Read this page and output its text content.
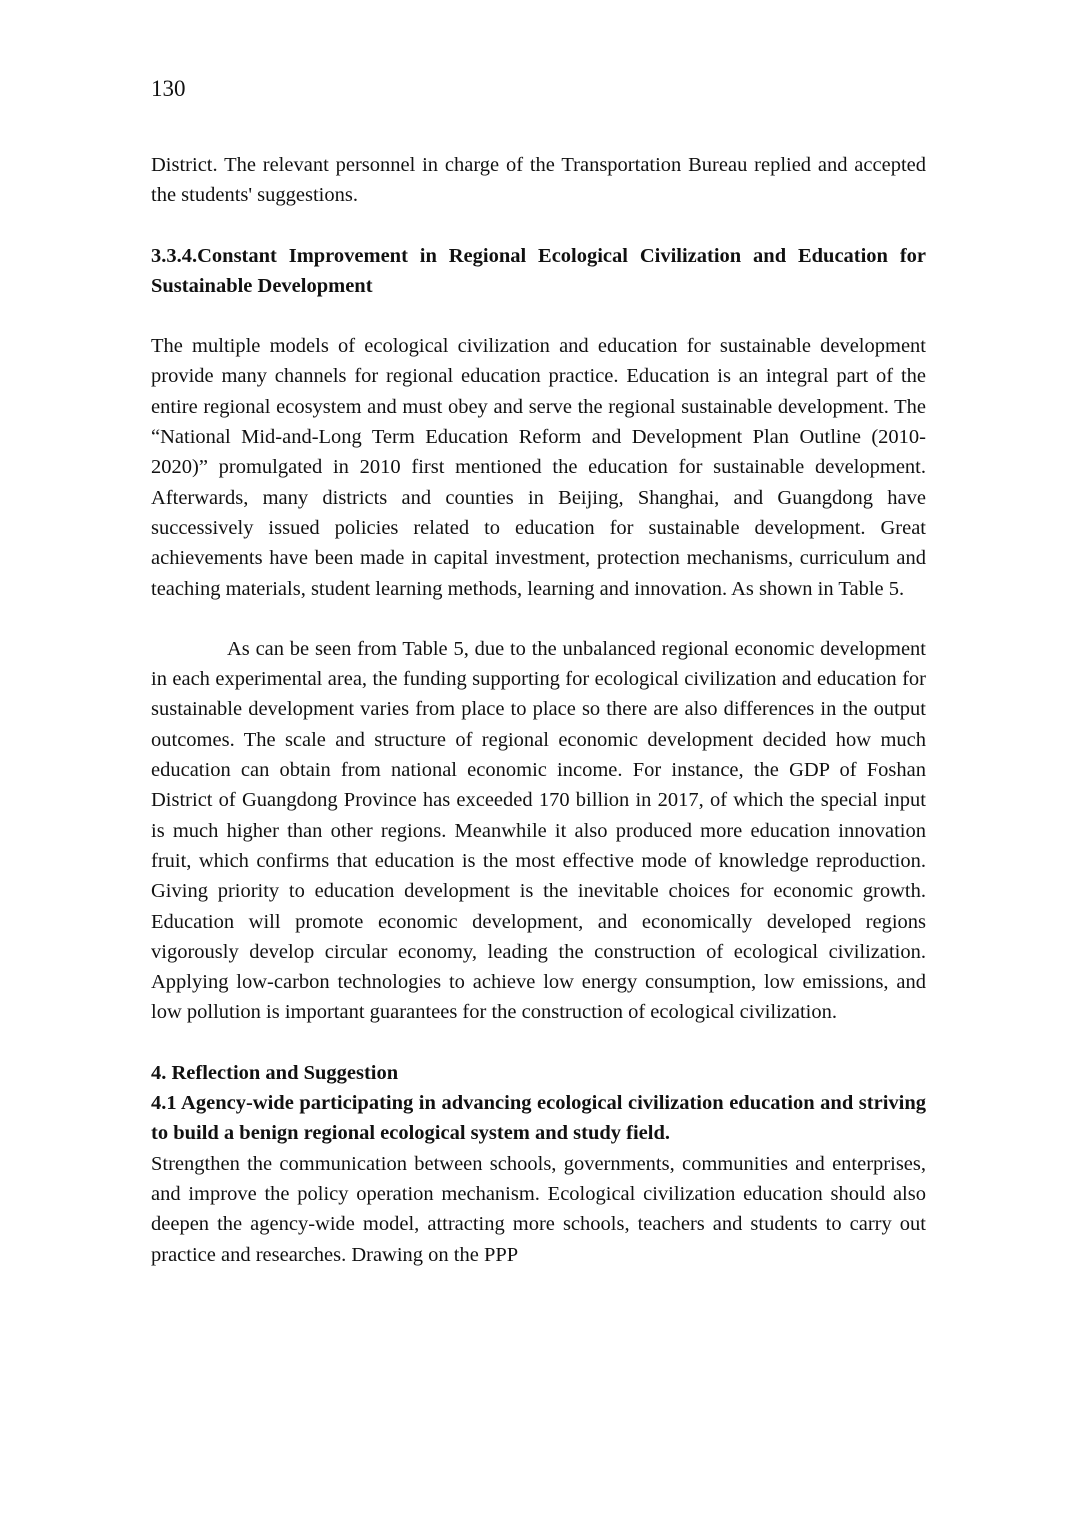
130

District. The relevant personnel in charge of the Transportation Bureau replied and accepted the students' suggestions.

3.3.4.Constant Improvement in Regional Ecological Civilization and Education for Sustainable Development

The multiple models of ecological civilization and education for sustainable development provide many channels for regional education practice. Education is an integral part of the entire regional ecosystem and must obey and serve the regional sustainable development. The “National Mid-and-Long Term Education Reform and Development Plan Outline (2010-2020)” promulgated in 2010 first mentioned the education for sustainable development. Afterwards, many districts and counties in Beijing, Shanghai, and Guangdong have successively issued policies related to education for sustainable development. Great achievements have been made in capital investment, protection mechanisms, curriculum and teaching materials, student learning methods, learning and innovation. As shown in Table 5.

As can be seen from Table 5, due to the unbalanced regional economic development in each experimental area, the funding supporting for ecological civilization and education for sustainable development varies from place to place so there are also differences in the output outcomes. The scale and structure of regional economic development decided how much education can obtain from national economic income. For instance, the GDP of Foshan District of Guangdong Province has exceeded 170 billion in 2017, of which the special input is much higher than other regions. Meanwhile it also produced more education innovation fruit, which confirms that education is the most effective mode of knowledge reproduction. Giving priority to education development is the inevitable choices for economic growth. Education will promote economic development, and economically developed regions vigorously develop circular economy, leading the construction of ecological civilization. Applying low-carbon technologies to achieve low energy consumption, low emissions, and low pollution is important guarantees for the construction of ecological civilization.

4. Reflection and Suggestion

4.1 Agency-wide participating in advancing ecological civilization education and striving to build a benign regional ecological system and study field.

Strengthen the communication between schools, governments, communities and enterprises, and improve the policy operation mechanism. Ecological civilization education should also deepen the agency-wide model, attracting more schools, teachers and students to carry out practice and researches. Drawing on the PPP
